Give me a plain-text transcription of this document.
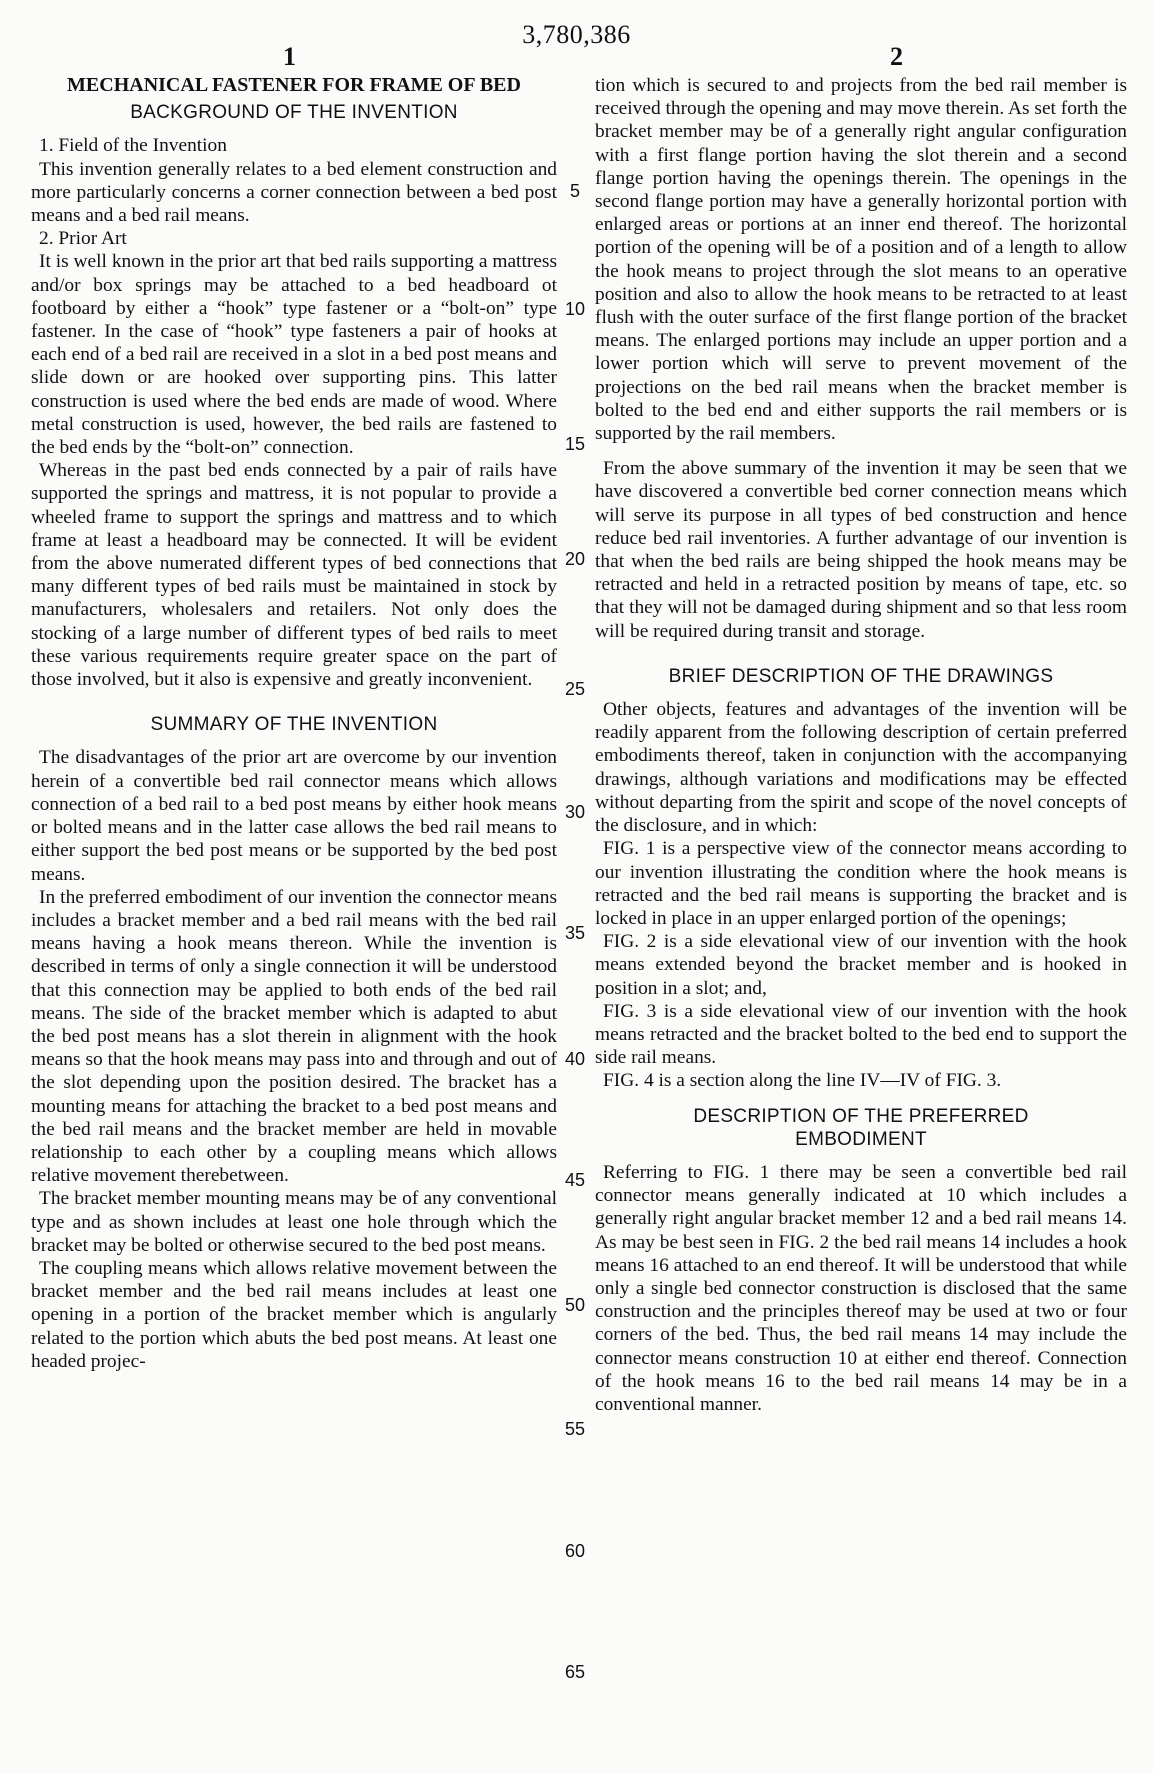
3,780,386
1	2

MECHANICAL FASTENER FOR FRAME OF BED

BACKGROUND OF THE INVENTION

1. Field of the Invention

This invention generally relates to a bed element construction and more particularly concerns a corner connection between a bed post means and a bed rail means.

2. Prior Art

It is well known in the prior art that bed rails supporting a mattress and/or box springs may be attached to a bed headboard ot footboard by either a “hook” type fastener or a “bolt-on” type fastener. In the case of “hook” type fasteners a pair of hooks at each end of a bed rail are received in a slot in a bed post means and slide down or are hooked over supporting pins. This latter construction is used where the bed ends are made of wood. Where metal construction is used, however, the bed rails are fastened to the bed ends by the “bolt-on” connection.

Whereas in the past bed ends connected by a pair of rails have supported the springs and mattress, it is not popular to provide a wheeled frame to support the springs and mattress and to which frame at least a headboard may be connected. It will be evident from the above numerated different types of bed connections that many different types of bed rails must be maintained in stock by manufacturers, wholesalers and retailers. Not only does the stocking of a large number of different types of bed rails to meet these various requirements require greater space on the part of those involved, but it also is expensive and greatly inconvenient.

SUMMARY OF THE INVENTION

The disadvantages of the prior art are overcome by our invention herein of a convertible bed rail connector means which allows connection of a bed rail to a bed post means by either hook means or bolted means and in the latter case allows the bed rail means to either support the bed post means or be supported by the bed post means.

In the preferred embodiment of our invention the connector means includes a bracket member and a bed rail means with the bed rail means having a hook means thereon. While the invention is described in terms of only a single connection it will be understood that this connection may be applied to both ends of the bed rail means. The side of the bracket member which is adapted to abut the bed post means has a slot therein in alignment with the hook means so that the hook means may pass into and through and out of the slot depending upon the position desired. The bracket has a mounting means for attaching the bracket to a bed post means and the bed rail means and the bracket member are held in movable relationship to each other by a coupling means which allows relative movement therebetween.

The bracket member mounting means may be of any conventional type and as shown includes at least one hole through which the bracket may be bolted or otherwise secured to the bed post means.

The coupling means which allows relative movement between the bracket member and the bed rail means includes at least one opening in a portion of the bracket member which is angularly related to the portion which abuts the bed post means. At least one headed projec-

5
10
15
20
25
30
35
40
45
50
55
60
65

tion which is secured to and projects from the bed rail member is received through the opening and may move therein. As set forth the bracket member may be of a generally right angular configuration with a first flange portion having the slot therein and a second flange portion having the openings therein. The openings in the second flange portion may have a generally horizontal portion with enlarged areas or portions at an inner end thereof. The horizontal portion of the opening will be of a position and of a length to allow the hook means to project through the slot means to an operative position and also to allow the hook means to be retracted to at least flush with the outer surface of the first flange portion of the bracket means. The enlarged portions may include an upper portion and a lower portion which will serve to prevent movement of the projections on the bed rail means when the bracket member is bolted to the bed end and either supports the rail members or is supported by the rail members.

From the above summary of the invention it may be seen that we have discovered a convertible bed corner connection means which will serve its purpose in all types of bed construction and hence reduce bed rail inventories. A further advantage of our invention is that when the bed rails are being shipped the hook means may be retracted and held in a retracted position by means of tape, etc. so that they will not be damaged during shipment and so that less room will be required during transit and storage.

BRIEF DESCRIPTION OF THE DRAWINGS

Other objects, features and advantages of the invention will be readily apparent from the following description of certain preferred embodiments thereof, taken in conjunction with the accompanying drawings, although variations and modifications may be effected without departing from the spirit and scope of the novel concepts of the disclosure, and in which:

FIG. 1 is a perspective view of the connector means according to our invention illustrating the condition where the hook means is retracted and the bed rail means is supporting the bracket and is locked in place in an upper enlarged portion of the openings;

FIG. 2 is a side elevational view of our invention with the hook means extended beyond the bracket member and is hooked in position in a slot; and,

FIG. 3 is a side elevational view of our invention with the hook means retracted and the bracket bolted to the bed end to support the side rail means.

FIG. 4 is a section along the line IV—IV of FIG. 3.

DESCRIPTION OF THE PREFERRED

EMBODIMENT

Referring to FIG. 1 there may be seen a convertible bed rail connector means generally indicated at 10 which includes a generally right angular bracket member 12 and a bed rail means 14. As may be best seen in FIG. 2 the bed rail means 14 includes a hook means 16 attached to an end thereof. It will be understood that while only a single bed connector construction is disclosed that the same construction and the principles thereof may be used at two or four corners of the bed. Thus, the bed rail means 14 may include the connector means construction 10 at either end thereof. Connection of the hook means 16 to the bed rail means 14 may be in a conventional manner.
